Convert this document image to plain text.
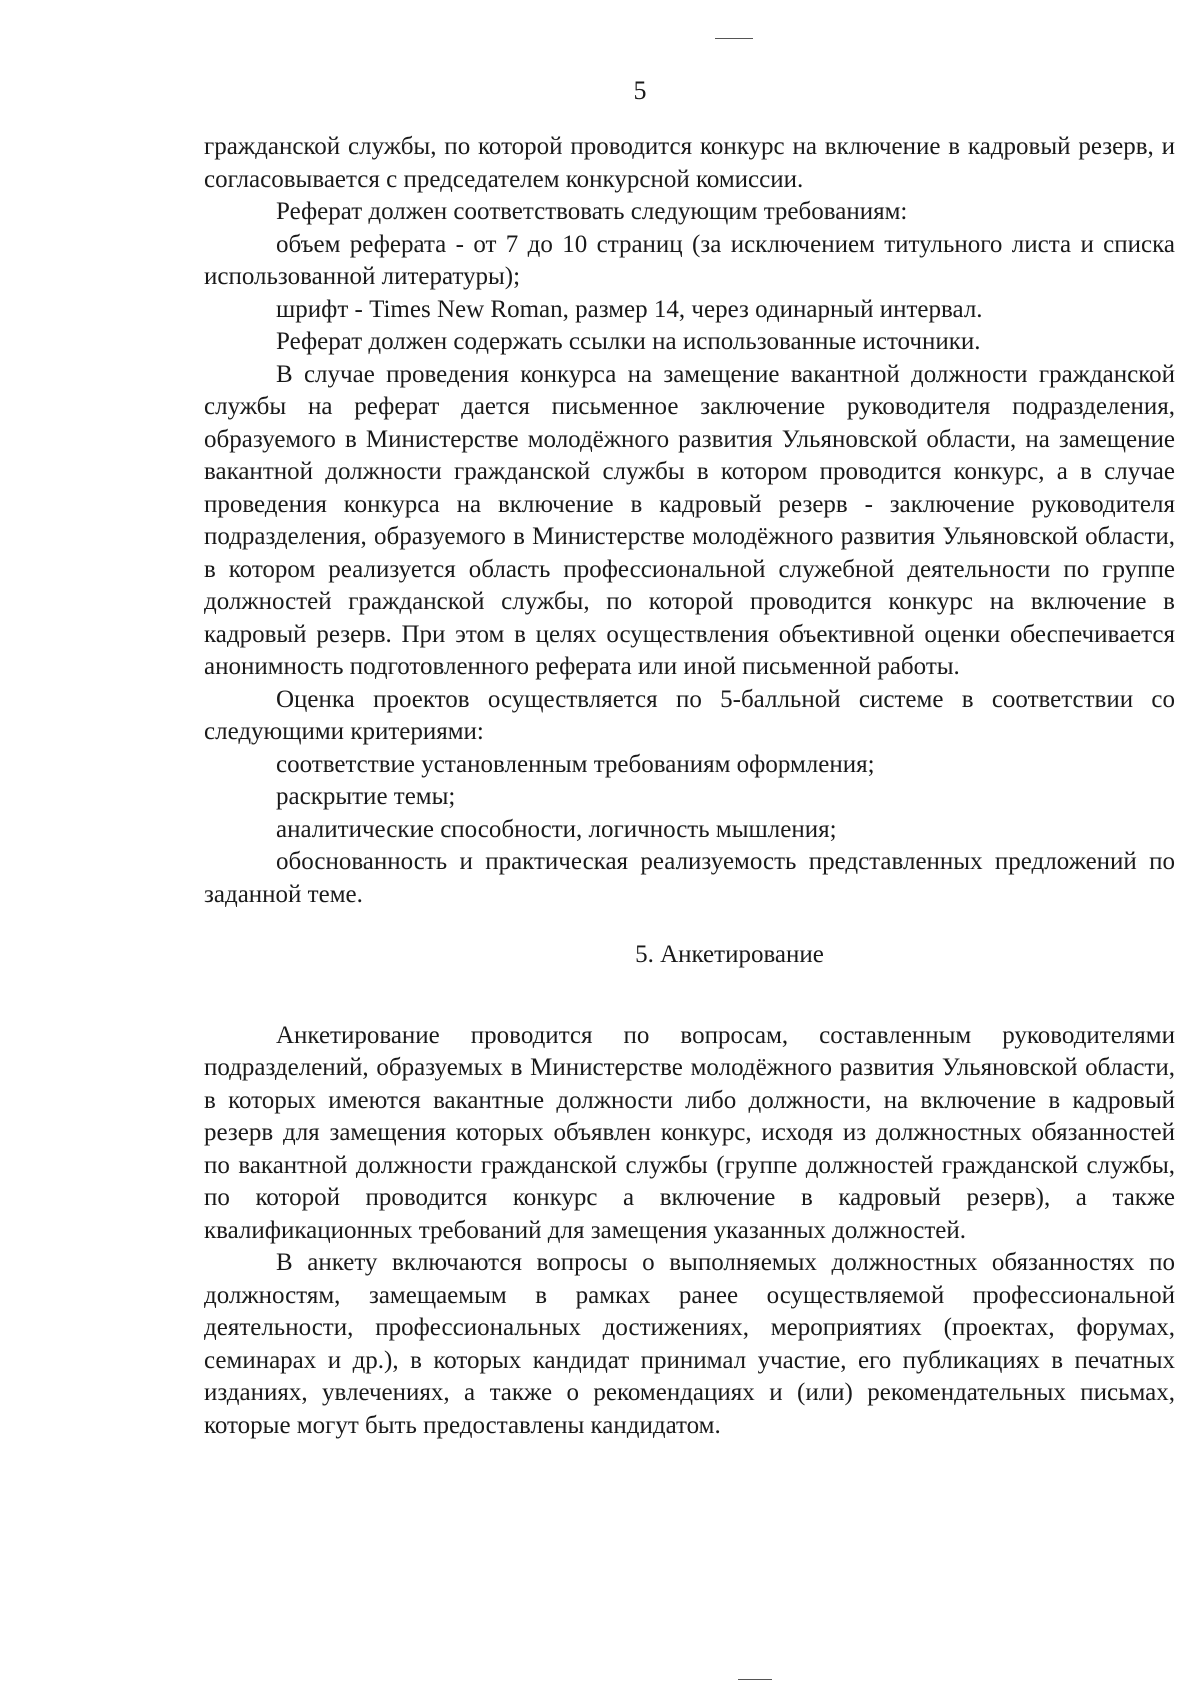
5

гражданской службы, по которой проводится конкурс на включение в кадровый резерв, и согласовывается с председателем конкурсной комиссии.

Реферат должен соответствовать следующим требованиям:

объем реферата - от 7 до 10 страниц (за исключением титульного листа и списка использованной литературы);

шрифт - Times New Roman, размер 14, через одинарный интервал.

Реферат должен содержать ссылки на использованные источники.

В случае проведения конкурса на замещение вакантной должности гражданской службы на реферат дается письменное заключение руководителя подразделения, образуемого в Министерстве молодёжного развития Ульяновской области, на замещение вакантной должности гражданской службы в котором проводится конкурс, а в случае проведения конкурса на включение в кадровый резерв - заключение руководителя подразделения, образуемого в Министерстве молодёжного развития Ульяновской области, в котором реализуется область профессиональной служебной деятельности по группе должностей гражданской службы, по которой проводится конкурс на включение в кадровый резерв. При этом в целях осуществления объективной оценки обеспечивается анонимность подготовленного реферата или иной письменной работы.

Оценка проектов осуществляется по 5-балльной системе в соответствии со следующими критериями:

соответствие установленным требованиям оформления;

раскрытие темы;

аналитические способности, логичность мышления;

обоснованность и практическая реализуемость представленных предложений по заданной теме.

5. Анкетирование

Анкетирование проводится по вопросам, составленным руководителями подразделений, образуемых в Министерстве молодёжного развития Ульяновской области, в которых имеются вакантные должности либо должности, на включение в кадровый резерв для замещения которых объявлен конкурс, исходя из должностных обязанностей по вакантной должности гражданской службы (группе должностей гражданской службы, по которой проводится конкурс а включение в кадровый резерв), а также квалификационных требований для замещения указанных должностей.

В анкету включаются вопросы о выполняемых должностных обязанностях по должностям, замещаемым в рамках ранее осуществляемой профессиональной деятельности, профессиональных достижениях, мероприятиях (проектах, форумах, семинарах и др.), в которых кандидат принимал участие, его публикациях в печатных изданиях, увлечениях, а также о рекомендациях и (или) рекомендательных письмах, которые могут быть предоставлены кандидатом.
